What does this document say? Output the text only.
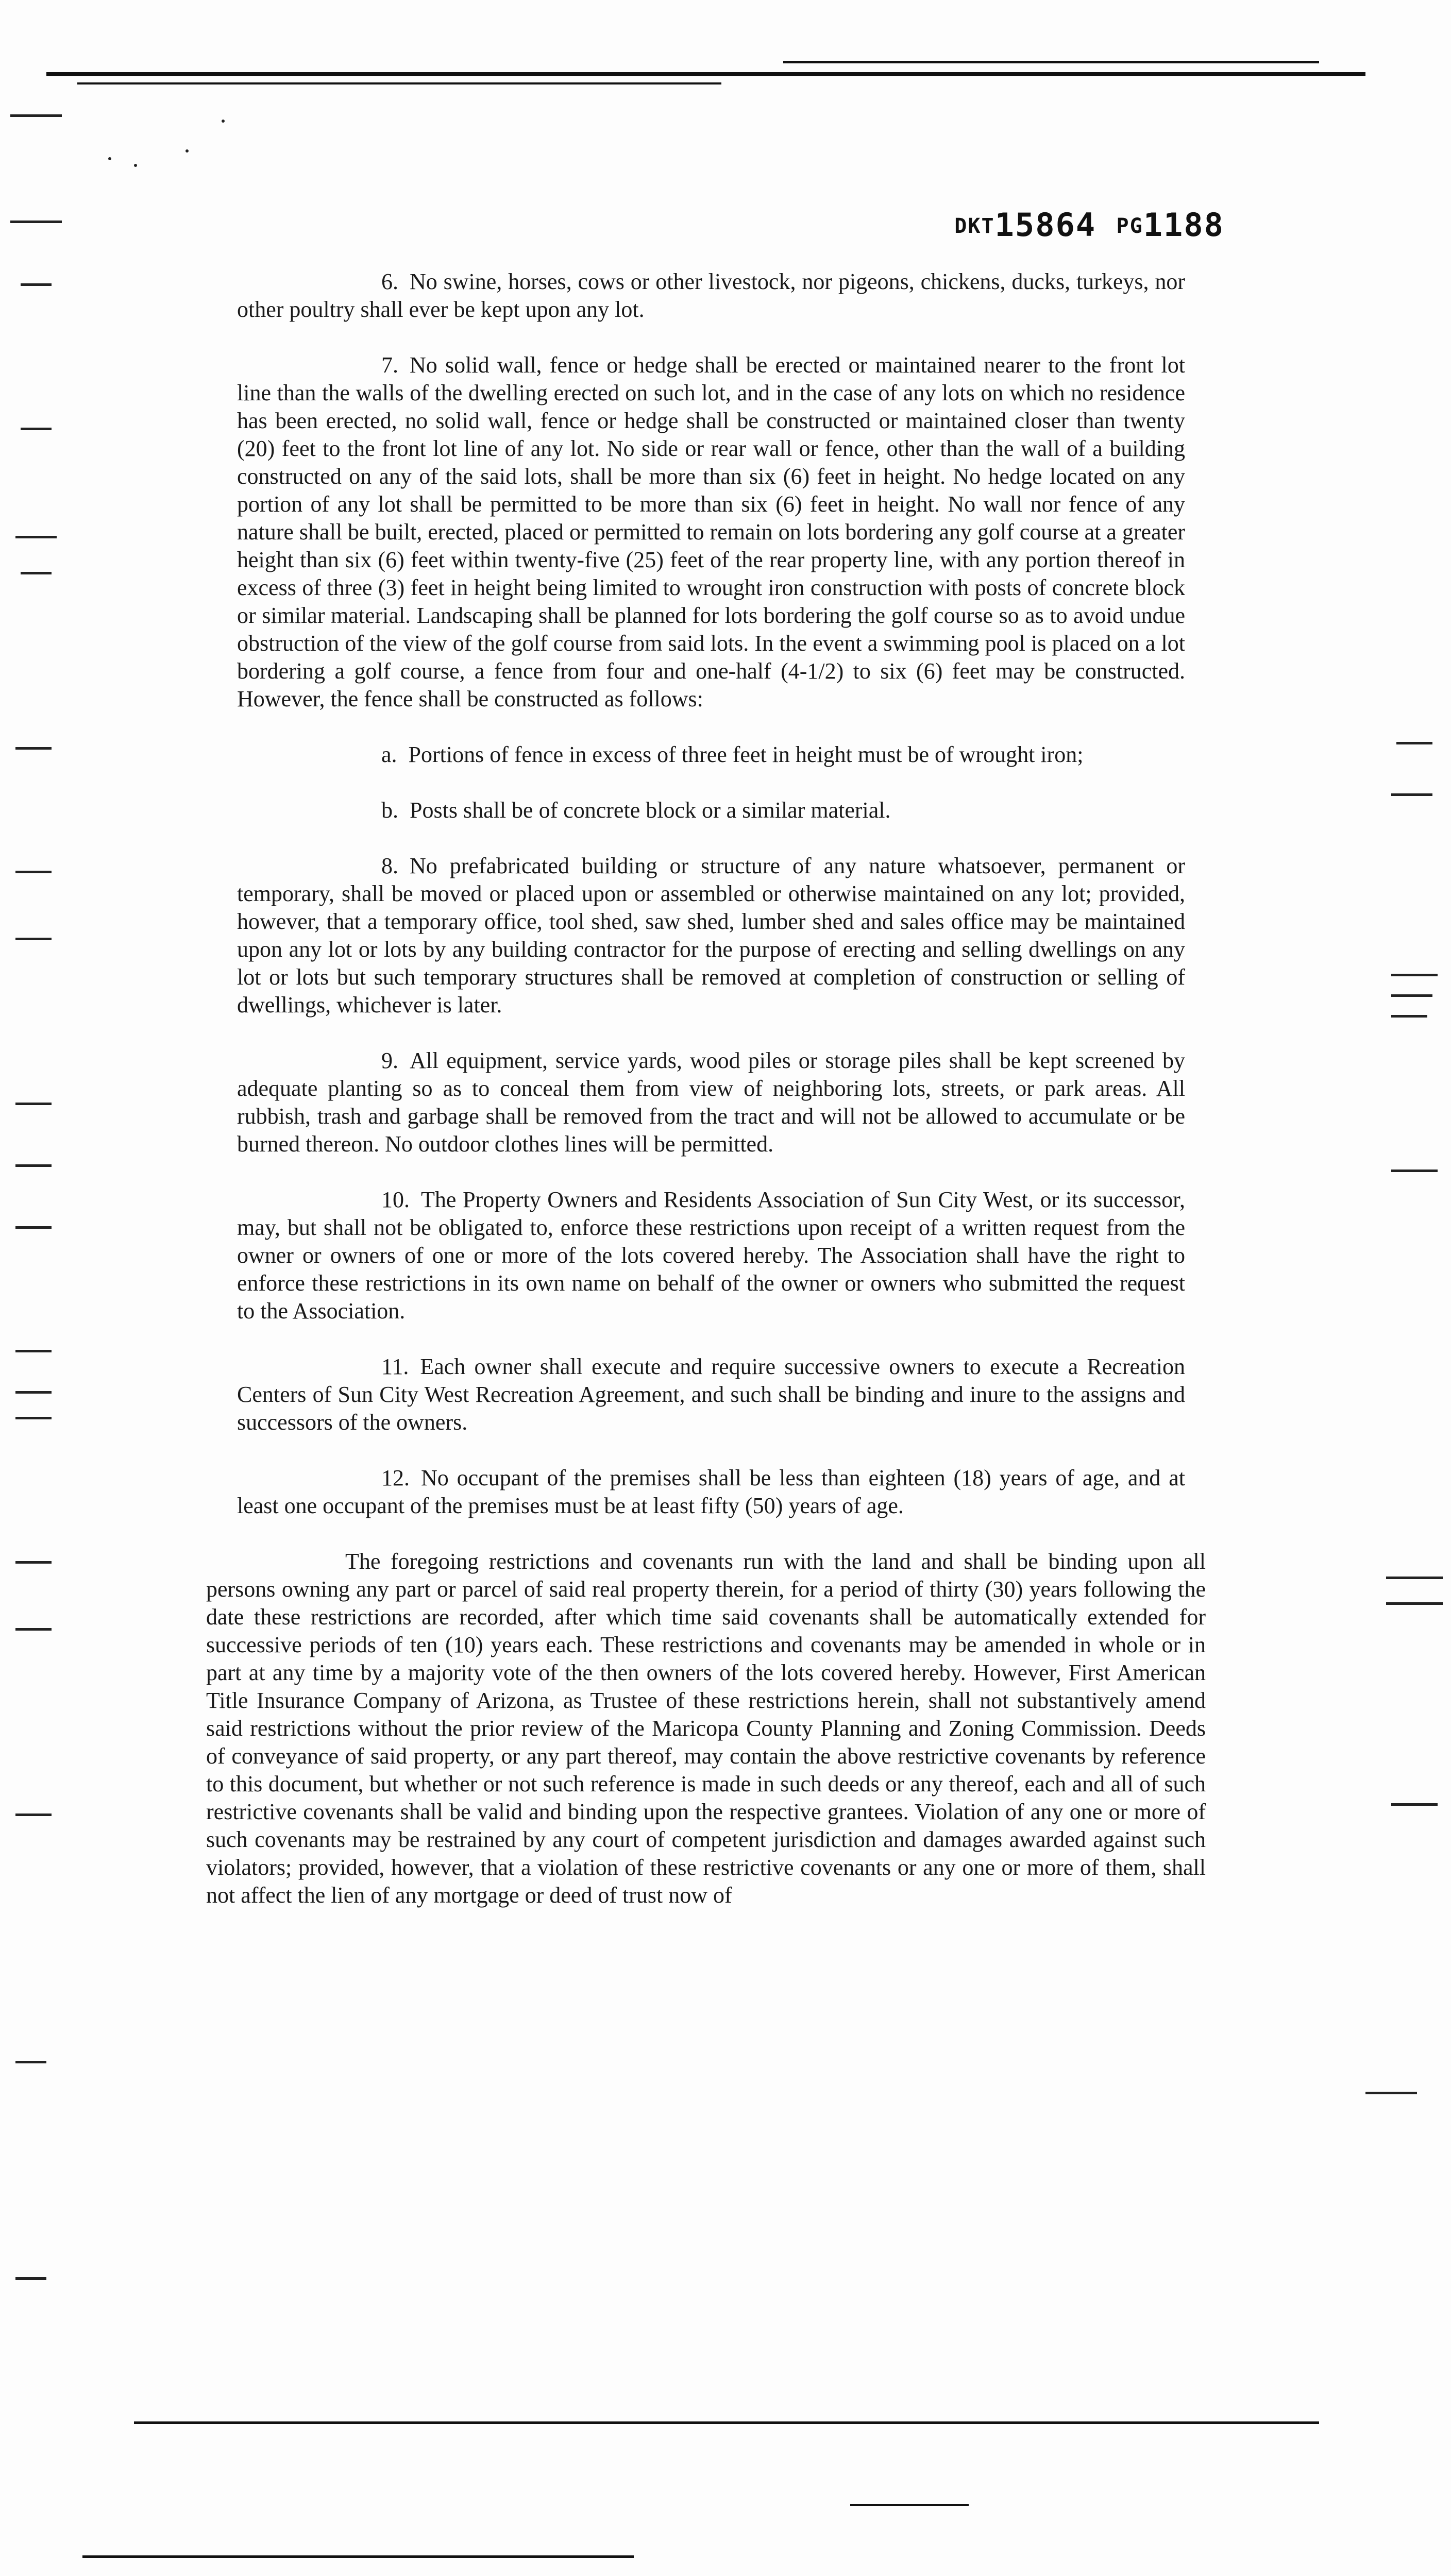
DKT15864 PG1188

6. No swine, horses, cows or other livestock, nor pigeons, chickens, ducks, turkeys, nor other poultry shall ever be kept upon any lot.

7. No solid wall, fence or hedge shall be erected or maintained nearer to the front lot line than the walls of the dwelling erected on such lot, and in the case of any lots on which no residence has been erected, no solid wall, fence or hedge shall be constructed or maintained closer than twenty (20) feet to the front lot line of any lot. No side or rear wall or fence, other than the wall of a building constructed on any of the said lots, shall be more than six (6) feet in height. No hedge located on any portion of any lot shall be permitted to be more than six (6) feet in height. No wall nor fence of any nature shall be built, erected, placed or permitted to remain on lots bordering any golf course at a greater height than six (6) feet within twenty-five (25) feet of the rear property line, with any portion thereof in excess of three (3) feet in height being limited to wrought iron construction with posts of concrete block or similar material. Landscaping shall be planned for lots bordering the golf course so as to avoid undue obstruction of the view of the golf course from said lots. In the event a swimming pool is placed on a lot bordering a golf course, a fence from four and one-half (4-1/2) to six (6) feet may be constructed. However, the fence shall be constructed as follows:

a. Portions of fence in excess of three feet in height must be of wrought iron;

b. Posts shall be of concrete block or a similar material.

8. No prefabricated building or structure of any nature whatsoever, permanent or temporary, shall be moved or placed upon or assembled or otherwise maintained on any lot; provided, however, that a temporary office, tool shed, saw shed, lumber shed and sales office may be maintained upon any lot or lots by any building contractor for the purpose of erecting and selling dwellings on any lot or lots but such temporary structures shall be removed at completion of construction or selling of dwellings, whichever is later.

9. All equipment, service yards, wood piles or storage piles shall be kept screened by adequate planting so as to conceal them from view of neighboring lots, streets, or park areas. All rubbish, trash and garbage shall be removed from the tract and will not be allowed to accumulate or be burned thereon. No outdoor clothes lines will be permitted.

10. The Property Owners and Residents Association of Sun City West, or its successor, may, but shall not be obligated to, enforce these restrictions upon receipt of a written request from the owner or owners of one or more of the lots covered hereby. The Association shall have the right to enforce these restrictions in its own name on behalf of the owner or owners who submitted the request to the Association.

11. Each owner shall execute and require successive owners to execute a Recreation Centers of Sun City West Recreation Agreement, and such shall be binding and inure to the assigns and successors of the owners.

12. No occupant of the premises shall be less than eighteen (18) years of age, and at least one occupant of the premises must be at least fifty (50) years of age.

The foregoing restrictions and covenants run with the land and shall be binding upon all persons owning any part or parcel of said real property therein, for a period of thirty (30) years following the date these restrictions are recorded, after which time said covenants shall be automatically extended for successive periods of ten (10) years each. These restrictions and covenants may be amended in whole or in part at any time by a majority vote of the then owners of the lots covered hereby. However, First American Title Insurance Company of Arizona, as Trustee of these restrictions herein, shall not substantively amend said restrictions without the prior review of the Maricopa County Planning and Zoning Commission. Deeds of conveyance of said property, or any part thereof, may contain the above restrictive covenants by reference to this document, but whether or not such reference is made in such deeds or any thereof, each and all of such restrictive covenants shall be valid and binding upon the respective grantees. Violation of any one or more of such covenants may be restrained by any court of competent jurisdiction and damages awarded against such violators; provided, however, that a violation of these restrictive covenants or any one or more of them, shall not affect the lien of any mortgage or deed of trust now of
